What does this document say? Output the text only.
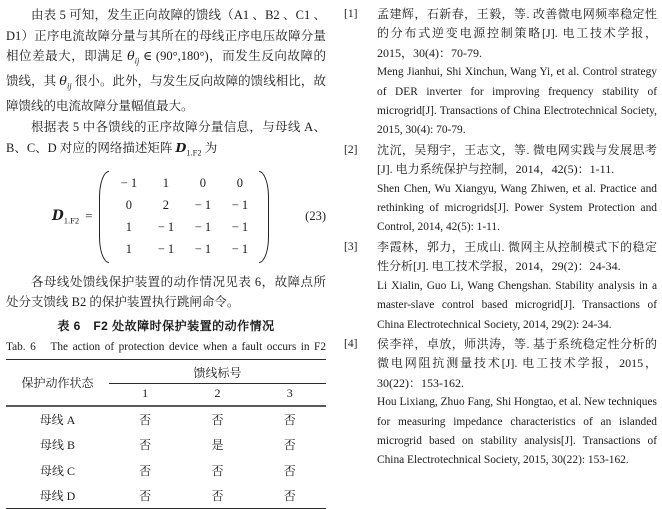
由表 5 可知，发生正向故障的馈线（A1 、B2 、C1 、D1）正序电流故障分量与其所在的母线正序电压故障分量相位差最大，即满足 $\theta_{ij}$ ∈ (90°,180°)，而发生反向故障的馈线，其 $\theta_{ij}$ 很小。此外，与发生反向故障的馈线相比，故障馈线的电流故障分量幅值最大。

根据表 5 中各馈线的正序故障分量信息，与母线 A、B、C、D 对应的网络描述矩阵 $D_{1.F2}$ 为

$D_{1.F2}$ =
− 1	1	0	0
0	2	− 1	− 1
1	− 1	− 1	− 1
1	− 1	− 1	− 1
(23)

各母线处馈线保护装置的动作情况见表 6，故障点所处分支馈线 B2 的保护装置执行跳闸命令。

表 6　F2 处故障时保护装置的动作情况
Tab. 6　The action of protection device when a fault occurs in F2
保护动作状态	馈线标号		
	1	2	3
母线 A	否	否	否
母线 B	否	是	否
母线 C	否	否	否
母线 D	否	否	否
[1]	孟建辉，石新春，王毅，等. 改善微电网频率稳定性的分布式逆变电源控制策略[J]. 电工技术学报，2015，30(4)：70-79.
Meng Jianhui, Shi Xinchun, Wang Yi, et al. Control strategy of DER inverter for improving frequency stability of microgrid[J]. Transactions of China Electrotechnical Society, 2015, 30(4): 70-79.
[2]	沈沉，吴翔宇，王志文，等. 微电网实践与发展思考[J]. 电力系统保护与控制，2014，42(5)：1-11.
Shen Chen, Wu Xiangyu, Wang Zhiwen, et al. Practice and rethinking of microgrids[J]. Power System Protection and Control, 2014, 42(5): 1-11.
[3]	李霞林，郭力，王成山. 微网主从控制模式下的稳定性分析[J]. 电工技术学报，2014，29(2)：24-34.
Li Xialin, Guo Li, Wang Chengshan. Stability analysis in a master-slave control based microgrid[J]. Transactions of China Electrotechnical Society, 2014, 29(2): 24-34.
[4]	侯李祥，卓放，师洪涛，等. 基于系统稳定性分析的微电网阻抗测量技术[J]. 电工技术学报，2015，30(22)：153-162.
Hou Lixiang, Zhuo Fang, Shi Hongtao, et al. New techniques for measuring impedance characteristics of an islanded microgrid based on stability analysis[J]. Transactions of China Electrotechnical Society, 2015, 30(22): 153-162.
